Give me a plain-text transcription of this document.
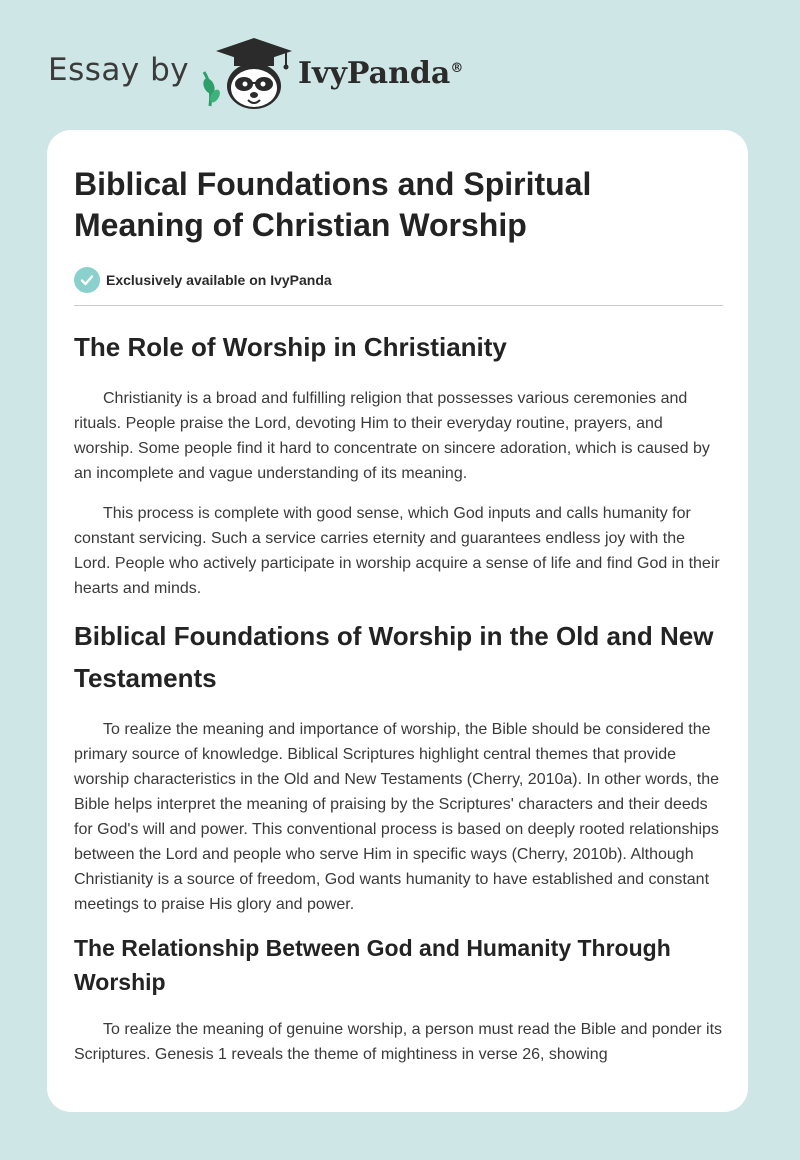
Essay by	IvyPanda®
Biblical Foundations and Spiritual Meaning of Christian Worship
Exclusively available on IvyPanda
The Role of Worship in Christianity

Christianity is a broad and fulfilling religion that possesses various ceremonies and rituals. People praise the Lord, devoting Him to their everyday routine, prayers, and worship. Some people find it hard to concentrate on sincere adoration, which is caused by an incomplete and vague understanding of its meaning.

This process is complete with good sense, which God inputs and calls humanity for constant servicing. Such a service carries eternity and guarantees endless joy with the Lord. People who actively participate in worship acquire a sense of life and find God in their hearts and minds.

Biblical Foundations of Worship in the Old and New Testaments

To realize the meaning and importance of worship, the Bible should be considered the primary source of knowledge. Biblical Scriptures highlight central themes that provide worship characteristics in the Old and New Testaments (Cherry, 2010a). In other words, the Bible helps interpret the meaning of praising by the Scriptures' characters and their deeds for God's will and power. This conventional process is based on deeply rooted relationships between the Lord and people who serve Him in specific ways (Cherry, 2010b). Although Christianity is a source of freedom, God wants humanity to have established and constant meetings to praise His glory and power.

The Relationship Between God and Humanity Through Worship

To realize the meaning of genuine worship, a person must read the Bible and ponder its Scriptures. Genesis 1 reveals the theme of mightiness in verse 26, showing
